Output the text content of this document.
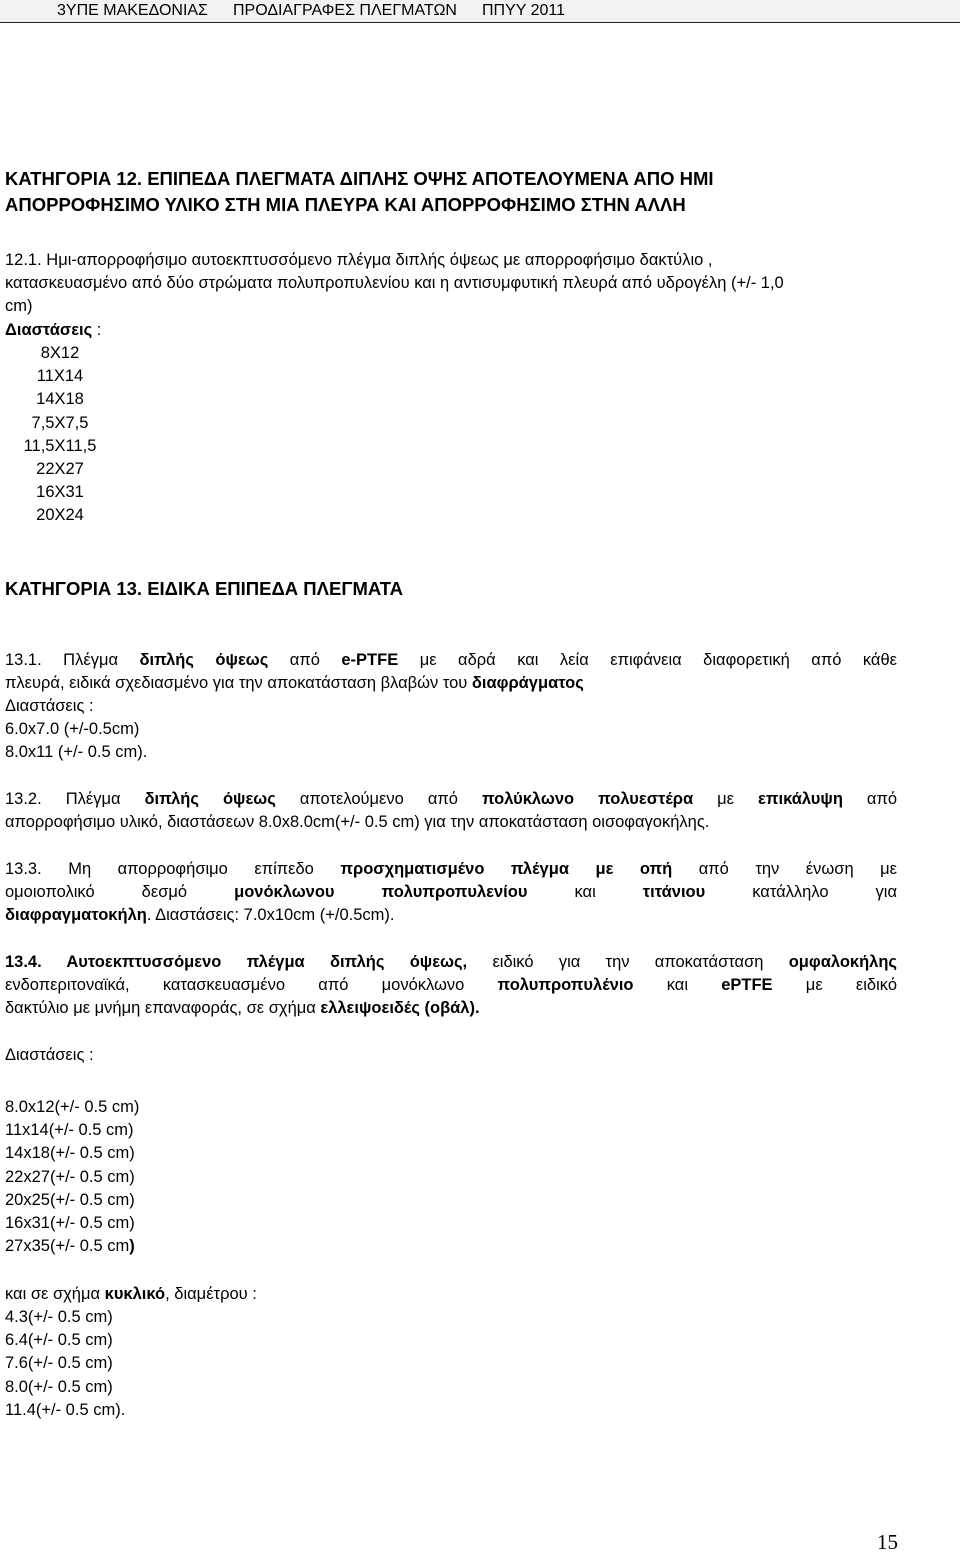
3ΥΠΕ ΜΑΚΕΔΟΝΙΑΣ ΠΡΟΔΙΑΓΡΑΦΕΣ ΠΛΕΓΜΑΤΩΝ ΠΠΥΥ 2011
ΚΑΤΗΓΟΡΙΑ 12. ΕΠΙΠΕΔΑ ΠΛΕΓΜΑΤΑ ΔΙΠΛΗΣ ΟΨΗΣ ΑΠΟΤΕΛΟΥΜΕΝΑ ΑΠΟ ΗΜΙ
ΑΠΟΡΡΟΦΗΣΙΜΟ ΥΛΙΚΟ ΣΤΗ ΜΙΑ ΠΛΕΥΡΑ ΚΑΙ ΑΠΟΡΡΟΦΗΣΙΜΟ ΣΤΗΝ ΑΛΛΗ
12.1. Ημι-απορροφήσιμο αυτοεκπτυσσόμενο πλέγμα διπλής όψεως με απορροφήσιμο δακτύλιο ,
κατασκευασμένο από δύο στρώματα πολυπροπυλενίου και η αντισυμφυτική πλευρά από υδρογέλη (+/- 1,0
cm)
Διαστάσεις :
8X12
11X14
14X18
7,5X7,5
11,5X11,5
22X27
16X31
20X24
ΚΑΤΗΓΟΡΙΑ 13. ΕΙΔΙΚΑ ΕΠΙΠΕΔΑ ΠΛΕΓΜΑΤΑ
13.1. Πλέγμα διπλής όψεως από e-PTFE με αδρά και λεία επιφάνεια διαφορετική από κάθε
πλευρά, ειδικά σχεδιασμένο για την αποκατάσταση βλαβών του διαφράγματος
Διαστάσεις :
6.0x7.0 (+/-0.5cm)
8.0x11 (+/- 0.5 cm).
13.2. Πλέγμα διπλής όψεως αποτελούμενο από πολύκλωνο πολυεστέρα με επικάλυψη από
απορροφήσιμο υλικό, διαστάσεων 8.0x8.0cm(+/- 0.5 cm) για την αποκατάσταση οισοφαγοκήλης.
13.3. Μη απορροφήσιμο επίπεδο προσχηματισμένο πλέγμα με οπή από την ένωση με
ομοιοπολικό δεσμό μονόκλωνου πολυπροπυλενίου και τιτάνιου κατάλληλο για
διαφραγματοκήλη. Διαστάσεις: 7.0x10cm (+/0.5cm).
13.4. Αυτοεκπτυσσόμενο πλέγμα διπλής όψεως, ειδικό για την αποκατάσταση ομφαλοκήλης
ενδοπεριτοναϊκά, κατασκευασμένο από μονόκλωνο πολυπροπυλένιο και ePTFE με ειδικό
δακτύλιο με μνήμη επαναφοράς, σε σχήμα ελλειψοειδές (οβάλ).
Διαστάσεις :
8.0x12(+/- 0.5 cm)
11x14(+/- 0.5 cm)
14x18(+/- 0.5 cm)
22x27(+/- 0.5 cm)
20x25(+/- 0.5 cm)
16x31(+/- 0.5 cm)
27x35(+/- 0.5 cm)
και σε σχήμα κυκλικό, διαμέτρου :
4.3(+/- 0.5 cm)
6.4(+/- 0.5 cm)
7.6(+/- 0.5 cm)
8.0(+/- 0.5 cm)
11.4(+/- 0.5 cm).
15
